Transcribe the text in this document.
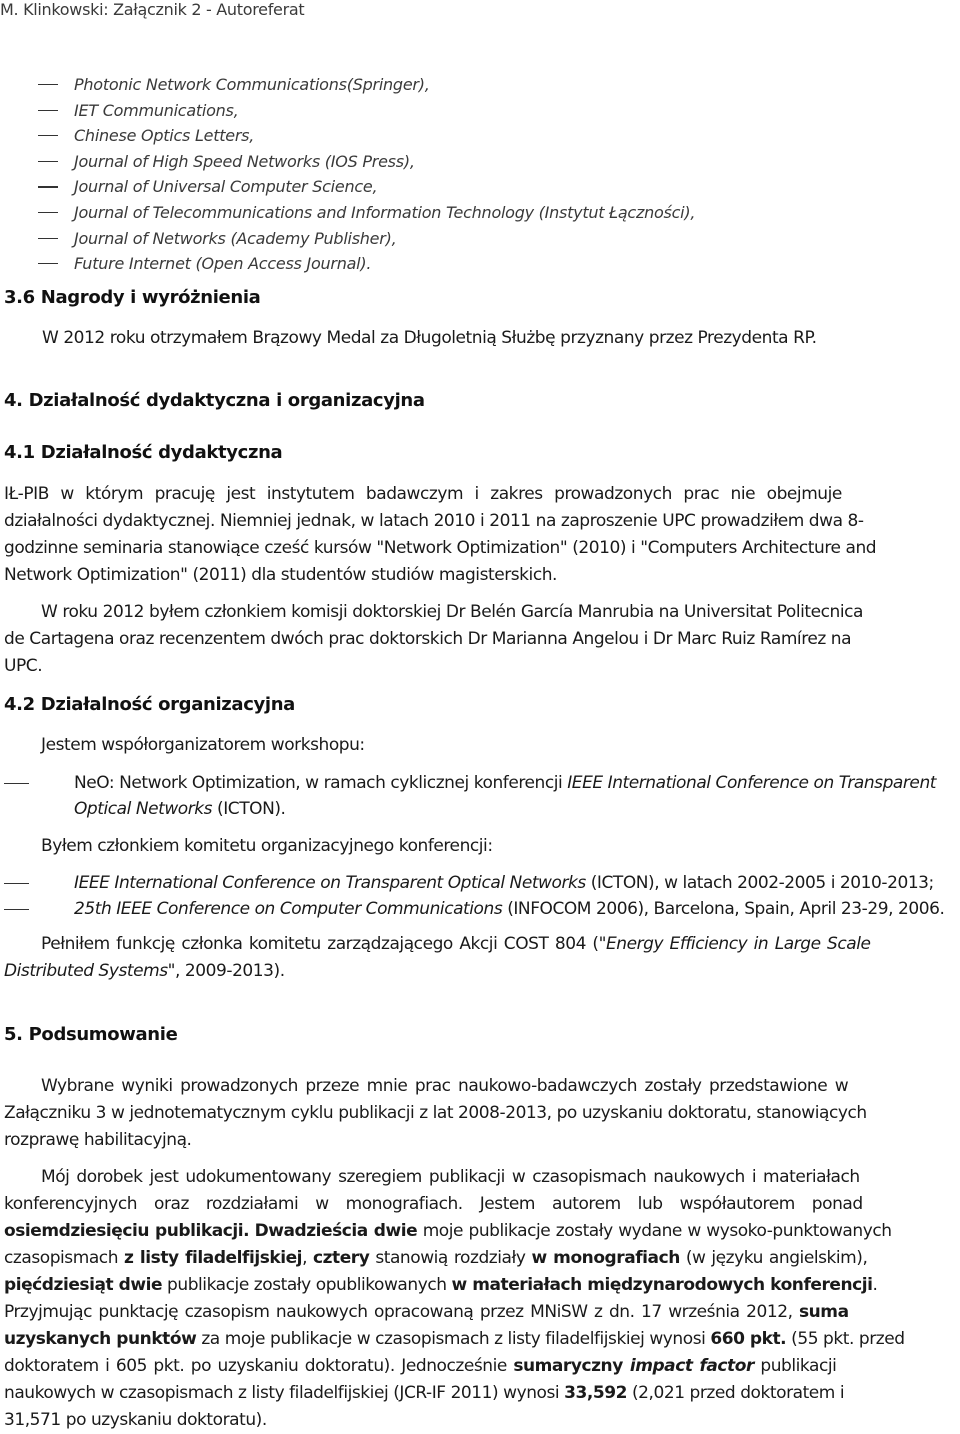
M. Klinkowski: Załącznik 2 - Autoreferat
Photonic Network Communications(Springer),
IET Communications,
Chinese Optics Letters,
Journal of High Speed Networks (IOS Press),
Journal of Universal Computer Science,
Journal of Telecommunications and Information Technology (Instytut Łączności),
Journal of Networks (Academy Publisher),
Future Internet (Open Access Journal).
3.6 Nagrody i wyróżnienia
W 2012 roku otrzymałem Brązowy Medal za Długoletnią Służbę przyznany przez Prezydenta RP.
4. Działalność dydaktyczna i organizacyjna
4.1 Działalność dydaktyczna
IŁ-PIB w którym pracuję jest instytutem badawczym i zakres prowadzonych prac nie obejmuje
działalności dydaktycznej. Niemniej jednak, w latach 2010 i 2011 na zaproszenie UPC prowadziłem dwa 8-
godzinne seminaria stanowiące cześć kursów "Network Optimization" (2010) i "Computers Architecture and
Network Optimization" (2011) dla studentów studiów magisterskich.
W roku 2012 byłem członkiem komisji doktorskiej Dr Belén García Manrubia na Universitat Politecnica
de Cartagena oraz recenzentem dwóch prac doktorskich Dr Marianna Angelou i Dr Marc Ruiz Ramírez na
UPC.
4.2 Działalność organizacyjna
Jestem współorganizatorem workshopu:
NeO: Network Optimization, w ramach cyklicznej konferencji IEEE International Conference on Transparent
Optical Networks (ICTON).
Byłem członkiem komitetu organizacyjnego konferencji:
IEEE International Conference on Transparent Optical Networks (ICTON), w latach 2002-2005 i 2010-2013;
25th IEEE Conference on Computer Communications (INFOCOM 2006), Barcelona, Spain, April 23-29, 2006.
Pełniłem funkcję członka komitetu zarządzającego Akcji COST 804 ("Energy Efficiency in Large Scale
Distributed Systems", 2009-2013).
5. Podsumowanie
Wybrane wyniki prowadzonych przeze mnie prac naukowo-badawczych zostały przedstawione w
Załączniku 3 w jednotematycznym cyklu publikacji z lat 2008-2013, po uzyskaniu doktoratu, stanowiących
rozprawę habilitacyjną.
Mój dorobek jest udokumentowany szeregiem publikacji w czasopismach naukowych i materiałach
konferencyjnych oraz rozdziałami w monografiach. Jestem autorem lub współautorem ponad
osiemdziesięciu publikacji. Dwadzieścia dwie moje publikacje zostały wydane w wysoko-punktowanych
czasopismach z listy filadelfijskiej, cztery stanowią rozdziały w monografiach (w języku angielskim),
pięćdziesiąt dwie publikacje zostały opublikowanych w materiałach międzynarodowych konferencji.
Przyjmując punktację czasopism naukowych opracowaną przez MNiSW z dn. 17 września 2012, suma
uzyskanych punktów za moje publikacje w czasopismach z listy filadelfijskiej wynosi 660 pkt. (55 pkt. przed
doktoratem i 605 pkt. po uzyskaniu doktoratu). Jednocześnie sumaryczny impact factor publikacji
naukowych w czasopismach z listy filadelfijskiej (JCR-IF 2011) wynosi 33,592 (2,021 przed doktoratem i
31,571 po uzyskaniu doktoratu).
